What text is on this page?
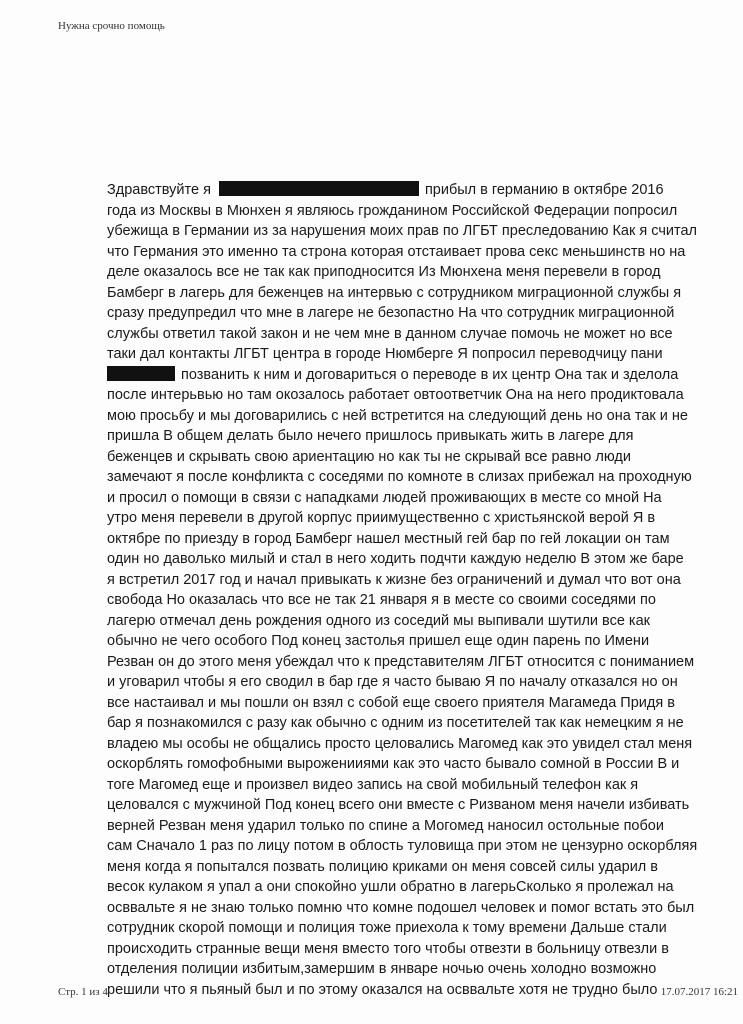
Нужна срочно помощь
Здравствуйте я	прибыл в германию в октябре 2016
года из Москвы в Мюнхен я являюсь грожданином Российской Федерации попросил
убежища в Германии из за нарушения моих прав по ЛГБТ преследованию Как я считал
что Германия это именно та строна которая отстаивает прова секс меньшинств но на
деле оказалось все не так как приподносится Из Мюнхена меня перевели в город
Бамберг в лагерь для беженцев на интервью с сотрудником миграционной службы я
сразу предупредил что мне в лагере не безопастно На что сотрудник миграционной
службы ответил такой закон и не чем мне в данном случае помочь не может но все
таки дал контакты ЛГБТ центра в городе Нюмберге Я попросил переводчицу пани
позванить к ним и договариться о переводе в их центр Она так и зделола
после интерьвью но там окозалось работает овтоответчик Она на него продиктовала
мою просьбу и мы договарились с ней встретится на следующий день но она так и не
пришла В общем делать было нечего пришлось привыкать жить в лагере для
беженцев и скрывать свою ариентацию но как ты не скрывай все равно люди
замечают я после конфликта с соседями по комноте в слизах прибежал на проходную
и просил о помощи в связи с нападками людей проживающих в месте со мной На
утро меня перевели в другой корпус приимущественно с христьянской верой Я в
октябре по приезду в город Бамберг нашел местный гей бар по гей локации он там
один но даволько милый и стал в него ходить подчти каждую неделю В этом же баре
я встретил 2017 год и начал привыкать к жизне без ограничений и думал что вот она
свобода Но оказалась что все не так 21 января я в месте со своими соседями по
лагерю отмечал день рождения одного из соседий мы выпивали шутили все как
обычно не чего особого Под конец застолья пришел еще один парень по Имени
Резван он до этого меня убеждал что к представителям ЛГБТ относится с пониманием
и уговарил чтобы я его сводил в бар где я часто бываю Я по началу отказался но он
все настаивал и мы пошли он взял с собой еще своего приятеля Магамеда Придя в
бар я познакомился с разу как обычно с одним из посетителей так как немецким я не
владею мы особы не общались просто целовались Магомед как это увидел стал меня
оскорблять гомофобными выроженииями как это часто бывало сомной в России В и
тоге Магомед еще и произвел видео запись на свой мобильный телефон как я
целовался с мужчиной Под конец всего они вместе с Ризваном меня начели избивать
верней Резван меня ударил только по спине а Могомед наносил остольные побои
сам Сначало 1 раз по лицу потом в облость туловища при этом не цензурно оскорбляя
меня когда я попытался позвать полицию криками он меня совсей силы ударил в
весок кулаком я упал а они спокойно ушли обратно в лагерьСколько я пролежал на
осввальте я не знаю только помню что комне подошел человек и помог встать это был
сотрудник скорой помощи и полиция тоже приехола к тому времени Дальше стали
происходить странные вещи меня вместо того чтобы отвезти в больницу отвезли в
отделения полиции избитым,замершим в январе ночью очень холодно возможно
решили что я пьяный был и по этому оказался на осввальте хотя не трудно было
Стр. 1 из 4	17.07.2017 16:21
